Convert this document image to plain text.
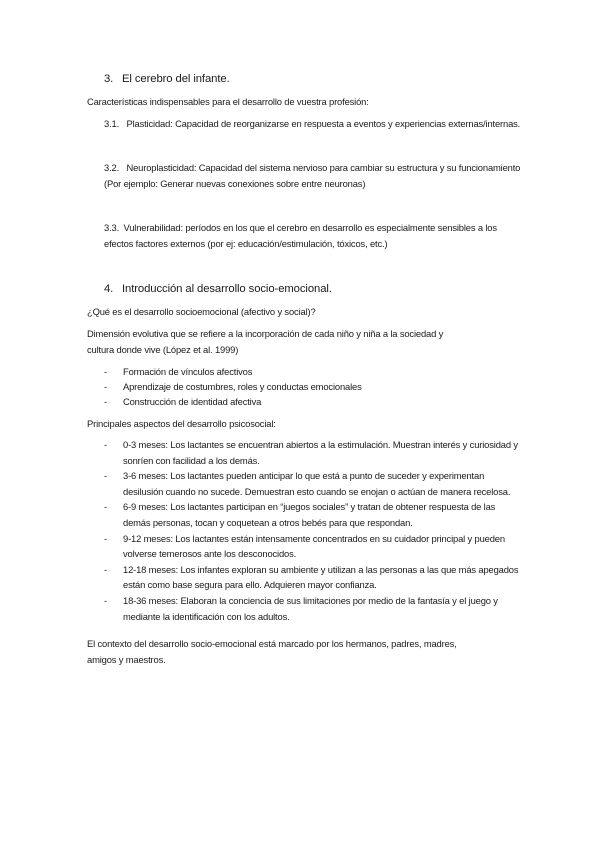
3. El cerebro del infante.
Características indispensables para el desarrollo de vuestra profesión:
3.1. Plasticidad: Capacidad de reorganizarse en respuesta a eventos y experiencias externas/internas.
3.2. Neuroplasticidad: Capacidad del sistema nervioso para cambiar su estructura y su funcionamiento (Por ejemplo: Generar nuevas conexiones sobre entre neuronas)
3.3. Vulnerabilidad: períodos en los que el cerebro en desarrollo es especialmente sensibles a los efectos factores externos (por ej: educación/estimulación, tóxicos, etc.)
4. Introducción al desarrollo socio-emocional.
¿Qué es el desarrollo socioemocional (afectivo y social)?
Dimensión evolutiva que se refiere a la incorporación de cada niño y niña a la sociedad y
cultura donde vive (López et al. 1999)
- Formación de vínculos afectivos
- Aprendizaje de costumbres, roles y conductas emocionales
- Construcción de identidad afectiva
Principales aspectos del desarrollo psicosocial:
- 0-3 meses: Los lactantes se encuentran abiertos a la estimulación. Muestran interés y curiosidad y sonríen con facilidad a los demás.
- 3-6 meses: Los lactantes pueden anticipar lo que está a punto de suceder y experimentan desilusión cuando no sucede. Demuestran esto cuando se enojan o actúan de manera recelosa.
- 6-9 meses: Los lactantes participan en “juegos sociales” y tratan de obtener respuesta de las demás personas, tocan y coquetean a otros bebés para que respondan.
- 9-12 meses: Los lactantes están intensamente concentrados en su cuidador principal y pueden volverse temerosos ante los desconocidos.
- 12-18 meses: Los infantes exploran su ambiente y utilizan a las personas a las que más apegados están como base segura para ello. Adquieren mayor confianza.
- 18-36 meses: Elaboran la conciencia de sus limitaciones por medio de la fantasía y el juego y mediante la identificación con los adultos.
El contexto del desarrollo socio-emocional está marcado por los hermanos, padres, madres,
amigos y maestros.
